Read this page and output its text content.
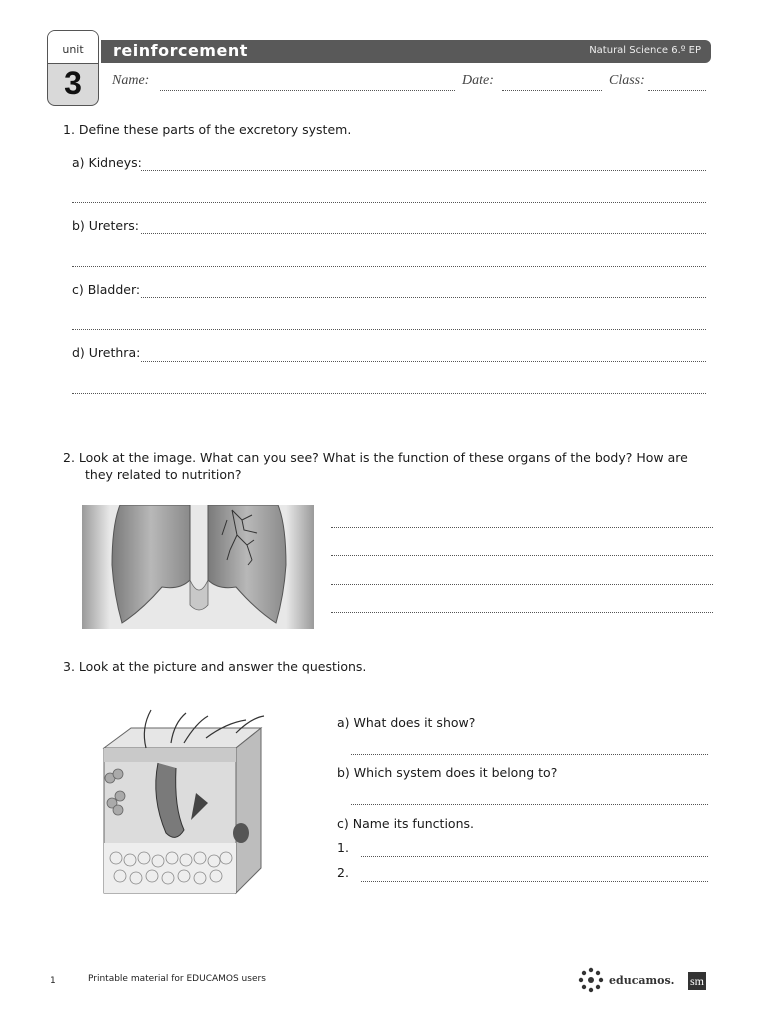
unit
3
reinforcement	Natural Science 6.º EP
Name:	Date:	Class:
1. Define these parts of the excretory system.
a) Kidneys:
b) Ureters:
c) Bladder:
d) Urethra:
2. Look at the image. What can you see? What is the function of these organs of the body? How are
they related to nutrition?
3. Look at the picture and answer the questions.
a) What does it show?
b) Which system does it belong to?
c) Name its functions.
1.
2.
1	Printable material for EDUCAMOS users	educamos. sm
